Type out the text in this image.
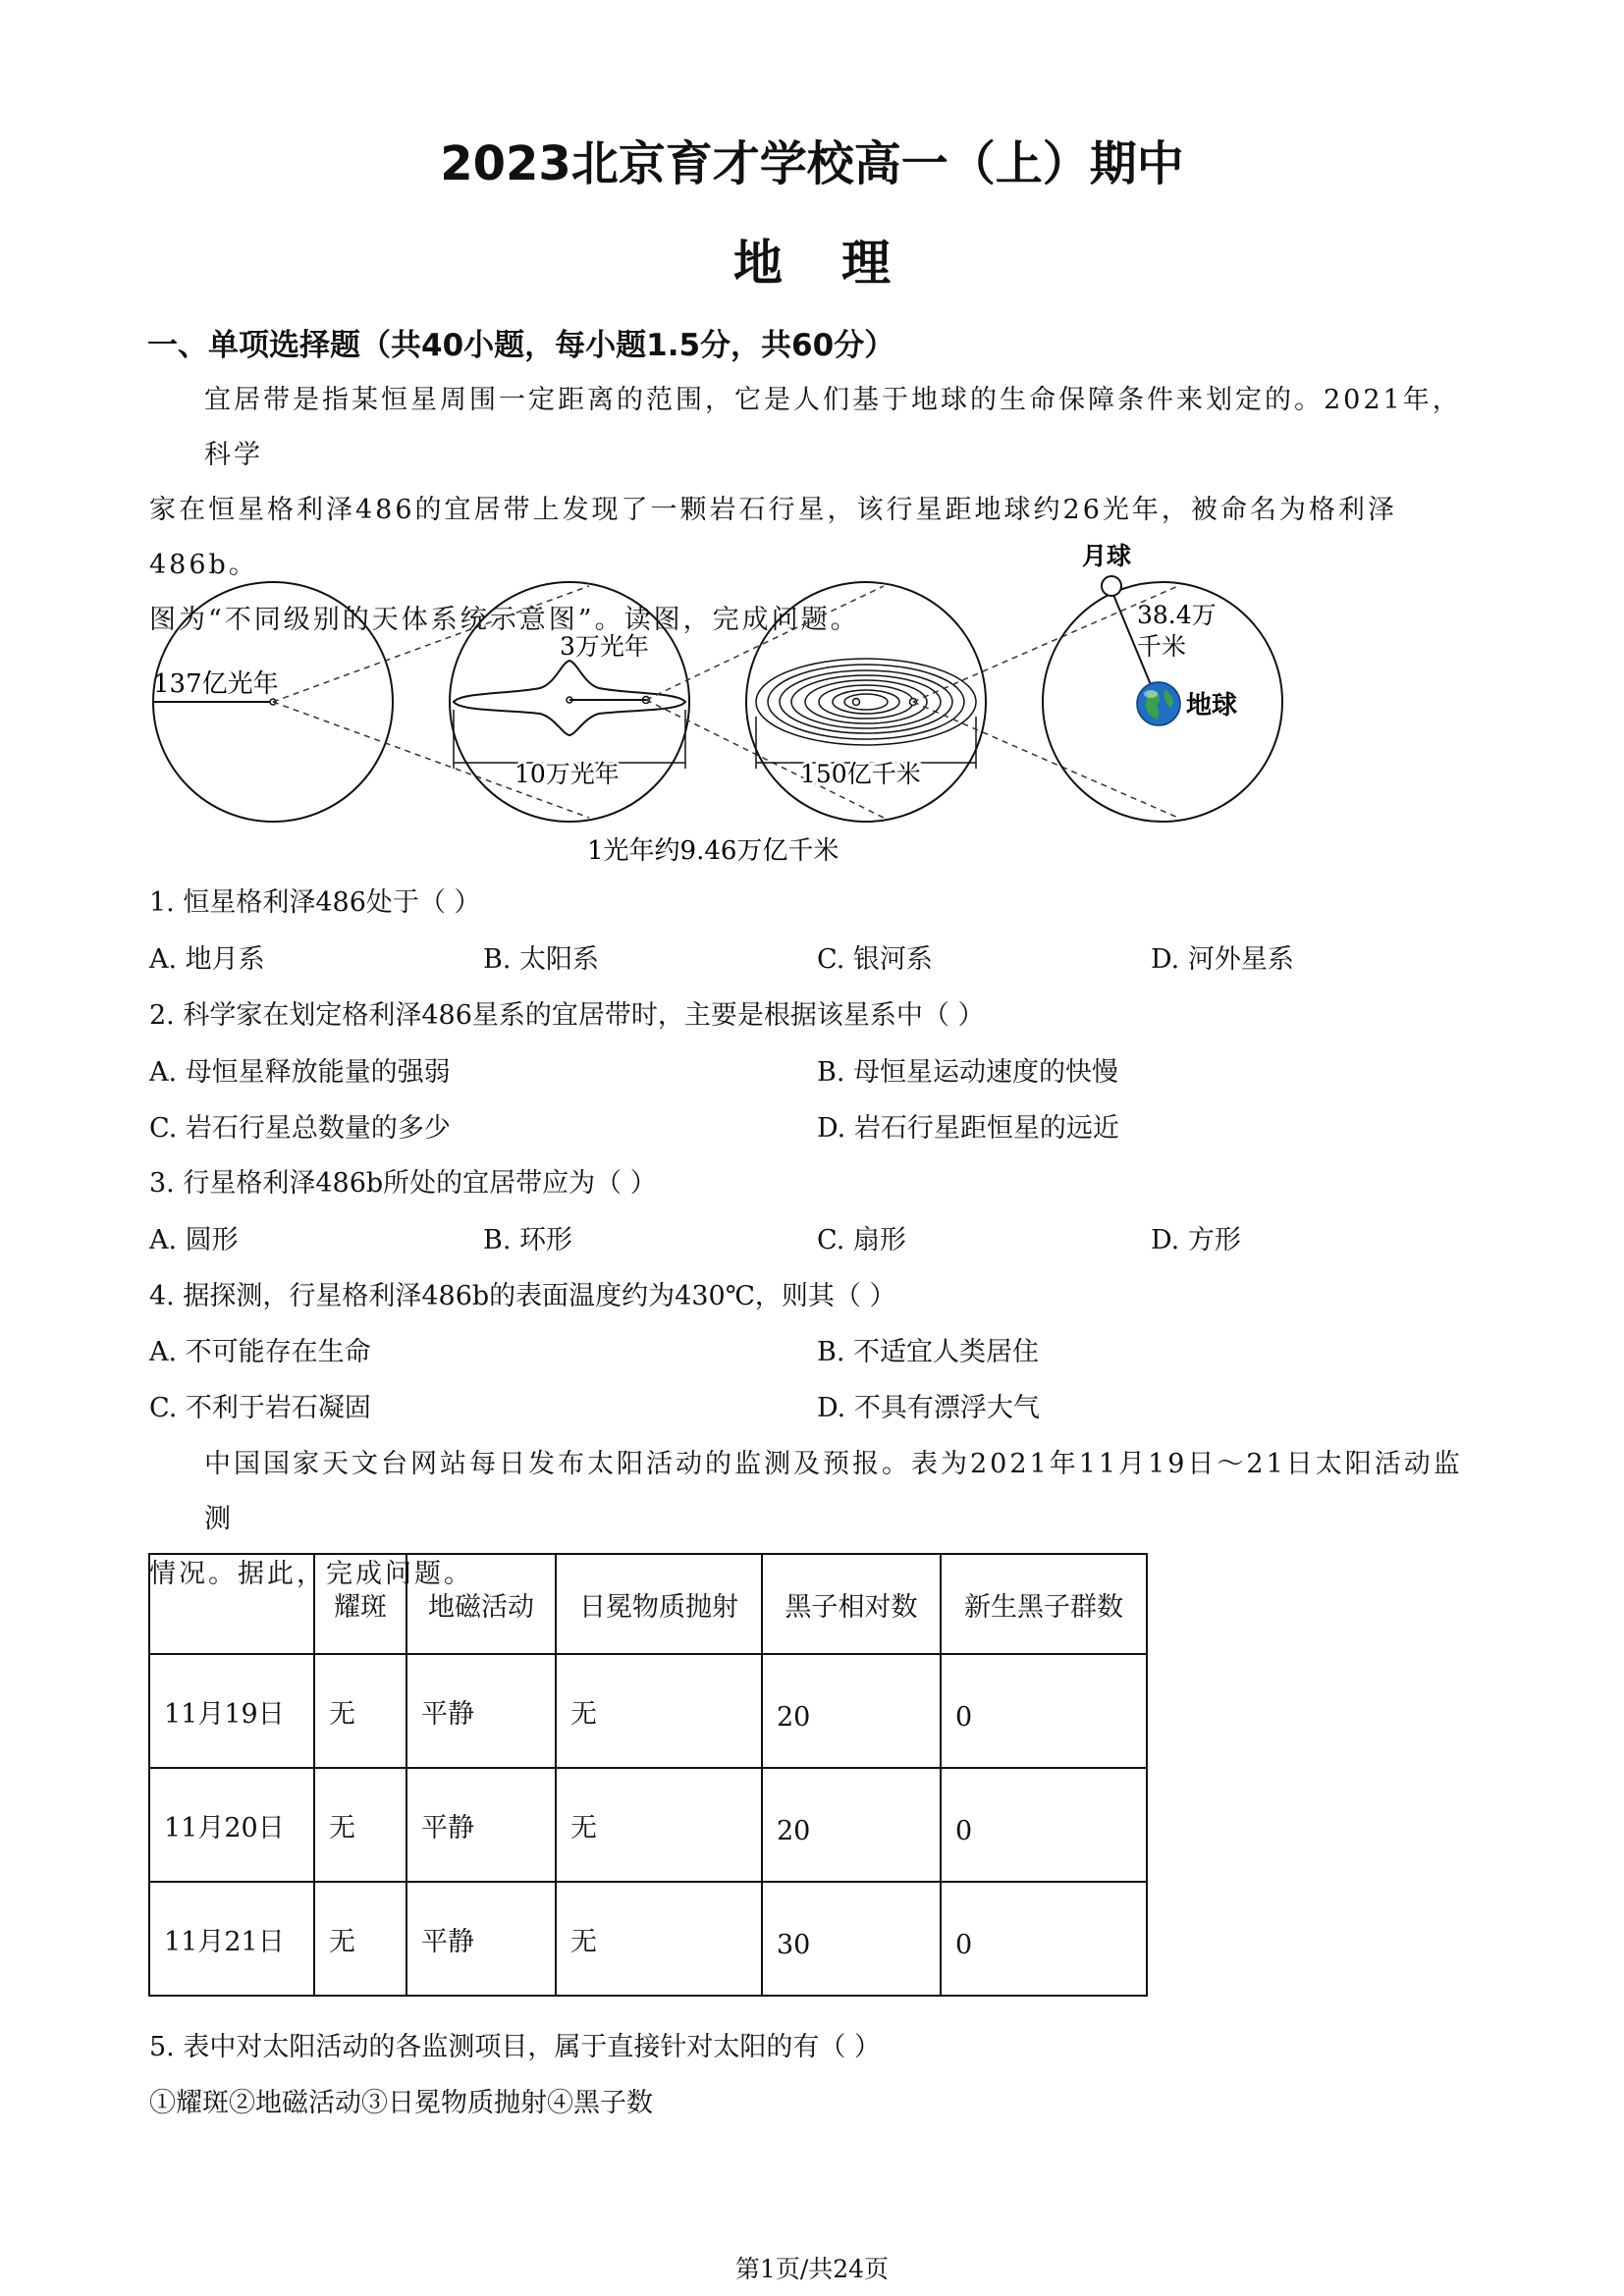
2023北京育才学校高一（上）期中
地理
一、单项选择题（共40小题，每小题1.5分，共60分）
宜居带是指某恒星周围一定距离的范围，它是人们基于地球的生命保障条件来划定的。2021年，科学
家在恒星格利泽486的宜居带上发现了一颗岩石行星，该行星距地球约26光年，被命名为格利泽486b。
图为“不同级别的天体系统示意图”。读图，完成问题。
137亿光年
3万光年
10万光年	150亿千米
月球
38.4万
千米
地球
1光年约9.46万亿千米
1. 恒星格利泽486处于（ ）
A. 地月系	B. 太阳系	C. 银河系	D. 河外星系
2. 科学家在划定格利泽486星系的宜居带时，主要是根据该星系中（ ）
A. 母恒星释放能量的强弱	B. 母恒星运动速度的快慢
C. 岩石行星总数量的多少	D. 岩石行星距恒星的远近
3. 行星格利泽486b所处的宜居带应为（ ）
A. 圆形	B. 环形	C. 扇形	D. 方形
4. 据探测，行星格利泽486b的表面温度约为430℃，则其（ ）
A. 不可能存在生命	B. 不适宜人类居住
C. 不利于岩石凝固	D. 不具有漂浮大气
中国国家天文台网站每日发布太阳活动的监测及预报。表为2021年11月19日～21日太阳活动监测
情况。据此，完成问题。
	耀斑	地磁活动	日冕物质抛射	黑子相对数	新生黑子群数
11月19日	无	平静	无	20	0
11月20日	无	平静	无	20	0
11月21日	无	平静	无	30	0
5. 表中对太阳活动的各监测项目，属于直接针对太阳的有（ ）
①耀斑②地磁活动③日冕物质抛射④黑子数
第1页/共24页
